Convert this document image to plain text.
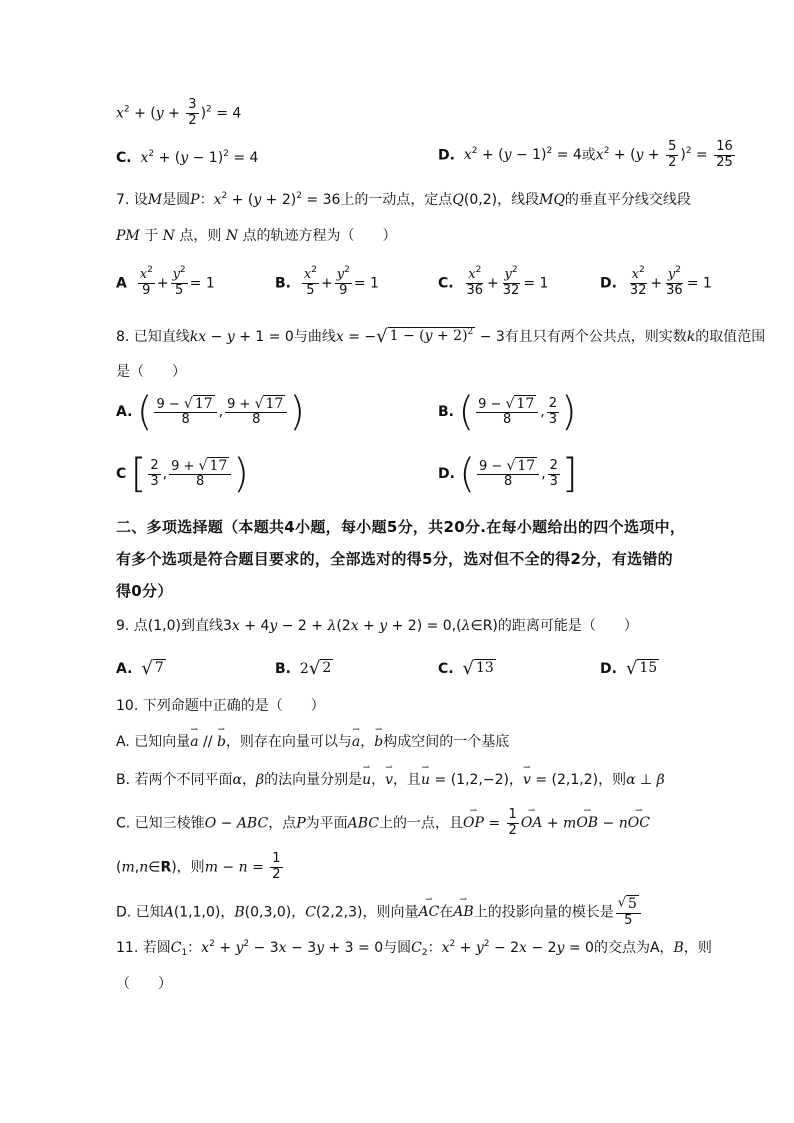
$x^2 + (y + \frac{3}{2} )^2 = 4$
C. $x^2 + (y - 1)^2 = 4$	D. $x^2 + (y - 1)^2 = 4$或$x^2 + (y + \frac{5}{2} )^2 = \frac{16}{25}$
7. 设M是圆P：$x^2 + (y + 2)^2 = 36$上的一动点，定点Q(0,2)，线段MQ的垂直平分线交线段
PM 于 N 点，则 N 点的轨迹方程为（　　）
A $\frac{x^2}{9} + \frac{y^2}{5} = 1$	B. $\frac{x^2}{5} + \frac{y^2}{9} = 1$	C. $\frac{x^2}{36} + \frac{y^2}{32} = 1$	D. $\frac{x^2}{32} + \frac{y^2}{36} = 1$
8. 已知直线kx − y + 1 = 0与曲线x = −√ $1 - (y + 2)^2 - 3$有且只有两个公共点，则实数k的取值范围
是（　　）
A. ( $\frac{9 - √ 17}{8}$ , $\frac{9 + √ 17}{8}$ )	B. ( $\frac{9 - √ 17}{8}$ , $\frac{2}{3}$ )
C [ $\frac{2}{3}$ , $\frac{9 + √ 17}{8}$ )	D. ( $\frac{9 - √ 17}{8}$ , $\frac{2}{3}$ ]
二、多项选择题（本题共4小题，每小题5分，共20分.在每小题给出的四个选项中，
有多个选项是符合题目要求的，全部选对的得5分，选对但不全的得2分，有选错的
得0分）
9. 点(1,0)到直线3x + 4y − 2 + λ(2x + y + 2) = 0,(λ∈R)的距离可能是（　　）
A. √ 7	B. 2√ 2	C. √ 13	D. √ 15
10. 下列命题中正确的是（　　）
A. 已知向量⇀ a // ⇀ b，则存在向量可以与⇀ a，⇀ b构成空间的一个基底
B. 若两个不同平面α，β的法向量分别是⇀ u，⇀ v，且⇀ u = (1,2,−2)，⇀ v = (2,1,2)，则α ⊥ β
C. 已知三棱锥O − ABC，点P为平面ABC上的一点，且⇀ OP = $\frac{1}{2}$
⇀ OA + m⇀ OB − n⇀ OC
(m,n∈R)，则$m - n = \frac{1}{2}$
D. 已知A(1,1,0)，B(0,3,0)，C(2,2,3)，则向量⇀ AC在⇀ AB上的投影向量的模长是 $\frac{√ 5}{5}$
11. 若圆$C_1$：$x^2 + y^2 - 3x - 3y + 3 = 0$与圆$C_2$：$x^2 + y^2 - 2x - 2y = 0$的交点为A，B，则
（　　）
